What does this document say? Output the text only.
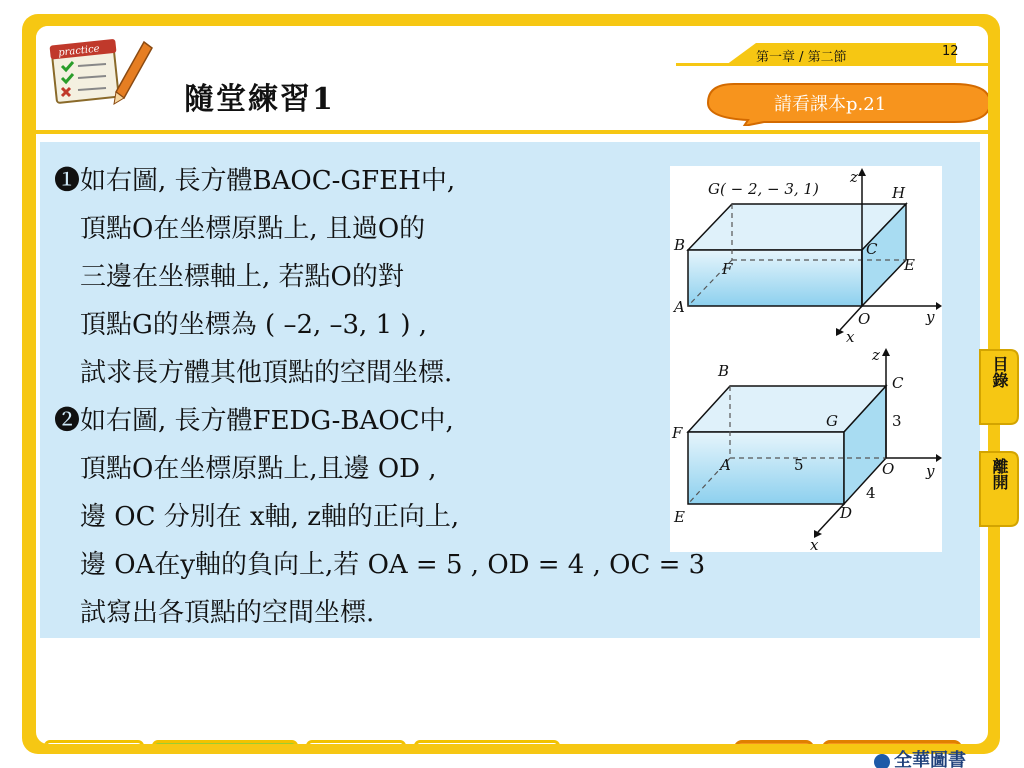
practice
隨堂練習1
第一章 / 第二節	12
請看課本p.21
❶如右圖, 長方體BAOC-GFEH中,
　頂點O在坐標原點上, 且過O的
　三邊在坐標軸上, 若點O的對
　頂點G的坐標為 ( –2, –3, 1 ) ,
　試求長方體其他頂點的空間坐標.
❷如右圖, 長方體FEDG-BAOC中,
　頂點O在坐標原點上,且邊 OD ,
　邊 OC 分別在 x軸, z軸的正向上,
　邊 OA在y軸的負向上,若 OA = 5 , OD = 4 , OC = 3
　試寫出各頂點的空間坐標.
G( − 2, − 3, 1)
z
H
B	C
F	E
A
O	y
x
z
B
C
G	3
F
A	5	O y
4
E	D
x
目錄
離開
全華圖書
